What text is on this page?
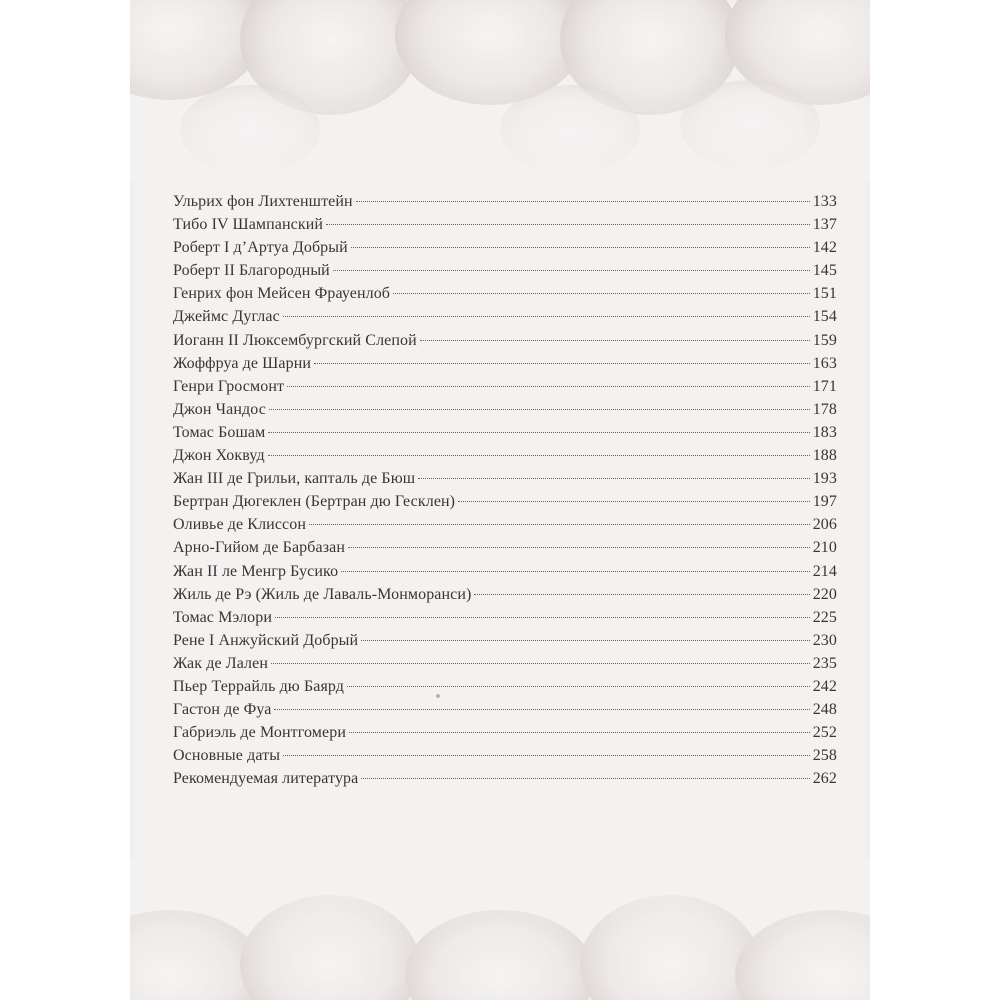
Ульрих фон Лихтенштейн	133
Тибо IV Шампанский	137
Роберт I д’Артуа Добрый	142
Роберт II Благородный	145
Генрих фон Мейсен Фрауенлоб	151
Джеймс Дуглас	154
Иоганн II Люксембургский Слепой	159
Жоффруа де Шарни	163
Генри Гросмонт	171
Джон Чандос	178
Томас Бошам	183
Джон Хоквуд	188
Жан III де Грильи, капталь де Бюш	193
Бертран Дюгеклен (Бертран дю Гесклен)	197
Оливье де Клиссон	206
Арно-Гийом де Барбазан	210
Жан II ле Менгр Бусико	214
Жиль де Рэ (Жиль де Лаваль-Монморанси)	220
Томас Мэлори	225
Рене I Анжуйский Добрый	230
Жак де Лален	235
Пьер Террайль дю Баярд	242
Гастон де Фуа	248
Габриэль де Монтгомери	252
Основные даты	258
Рекомендуемая литература	262
